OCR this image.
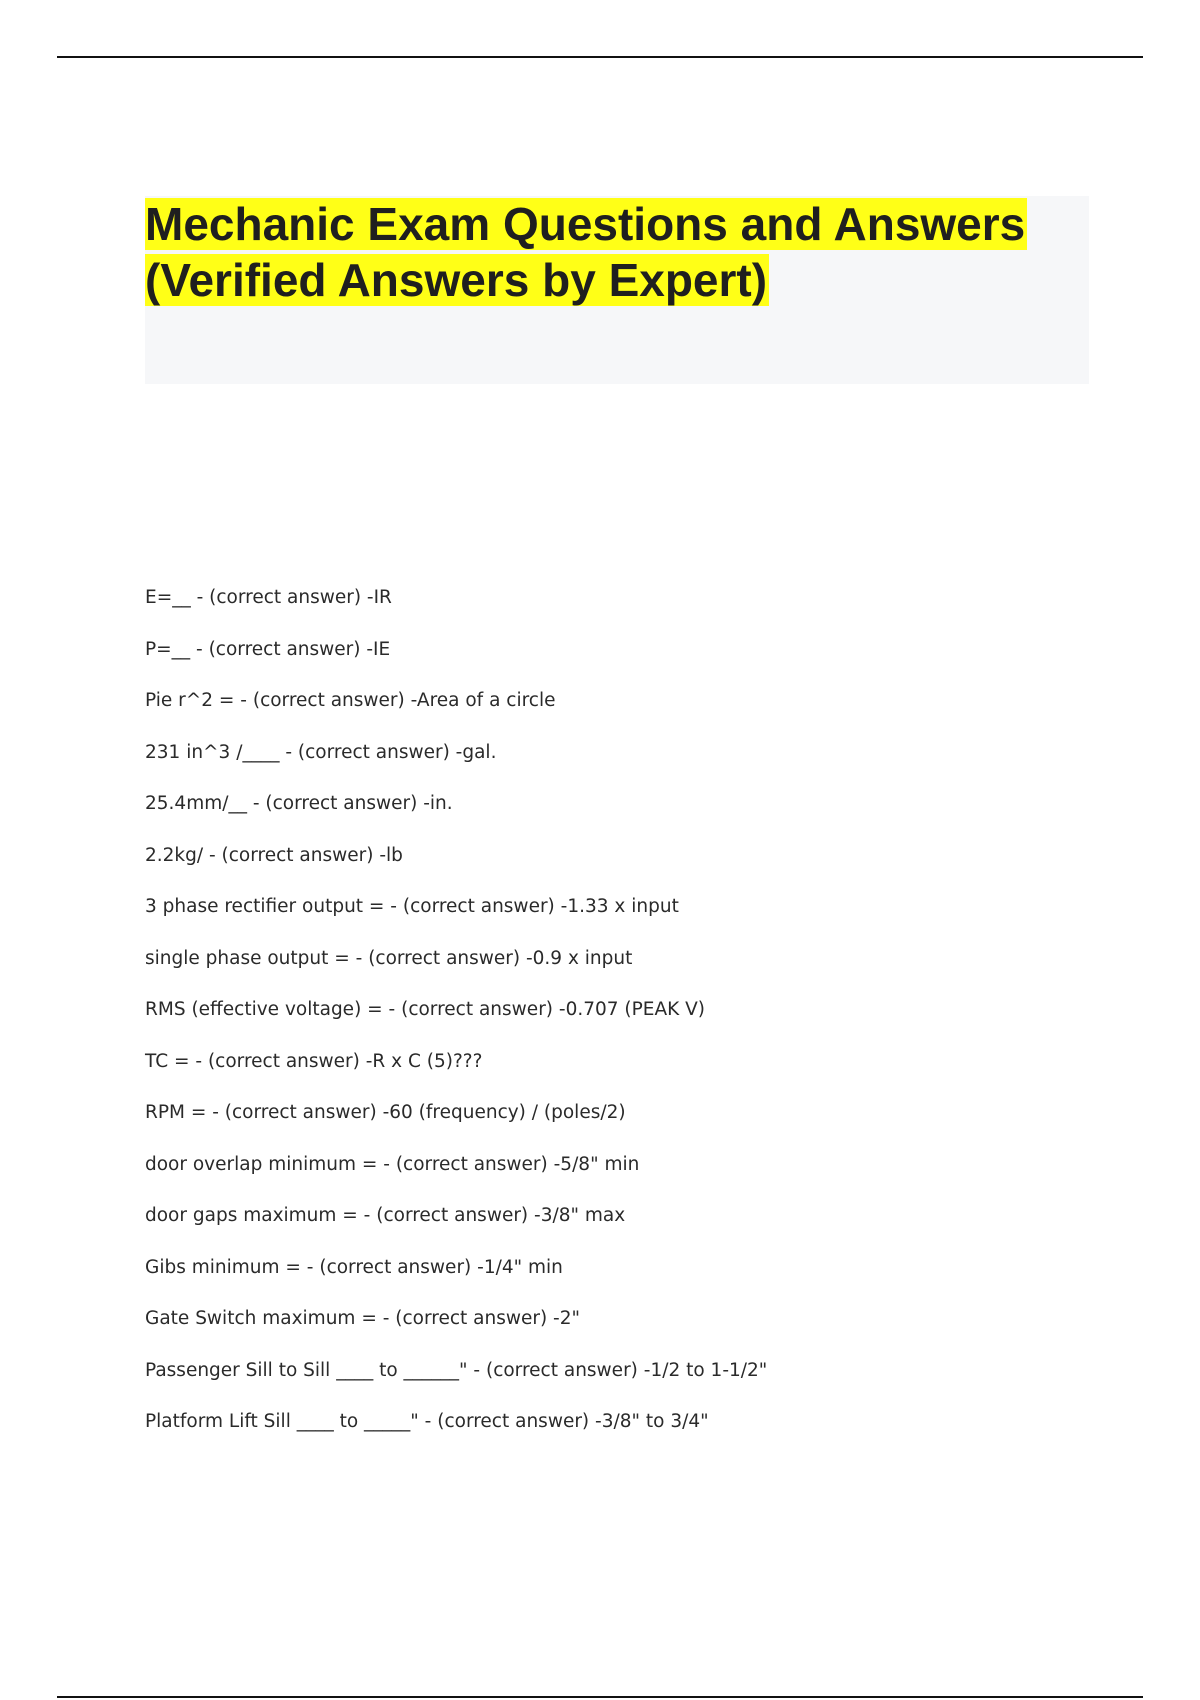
Mechanic Exam Questions and Answers
(Verified Answers by Expert)
E=__ - (correct answer) -IR
P=__ - (correct answer) -IE
Pie r^2 = - (correct answer) -Area of a circle
231 in^3 /____ - (correct answer) -gal.
25.4mm/__ - (correct answer) -in.
2.2kg/ - (correct answer) -lb
3 phase rectifier output = - (correct answer) -1.33 x input
single phase output = - (correct answer) -0.9 x input
RMS (effective voltage) = - (correct answer) -0.707 (PEAK V)
TC = - (correct answer) -R x C (5)???
RPM = - (correct answer) -60 (frequency) / (poles/2)
door overlap minimum = - (correct answer) -5/8" min
door gaps maximum = - (correct answer) -3/8" max
Gibs minimum = - (correct answer) -1/4" min
Gate Switch maximum = - (correct answer) -2"
Passenger Sill to Sill ____ to ______" - (correct answer) -1/2 to 1-1/2"
Platform Lift Sill ____ to _____" - (correct answer) -3/8" to 3/4"
